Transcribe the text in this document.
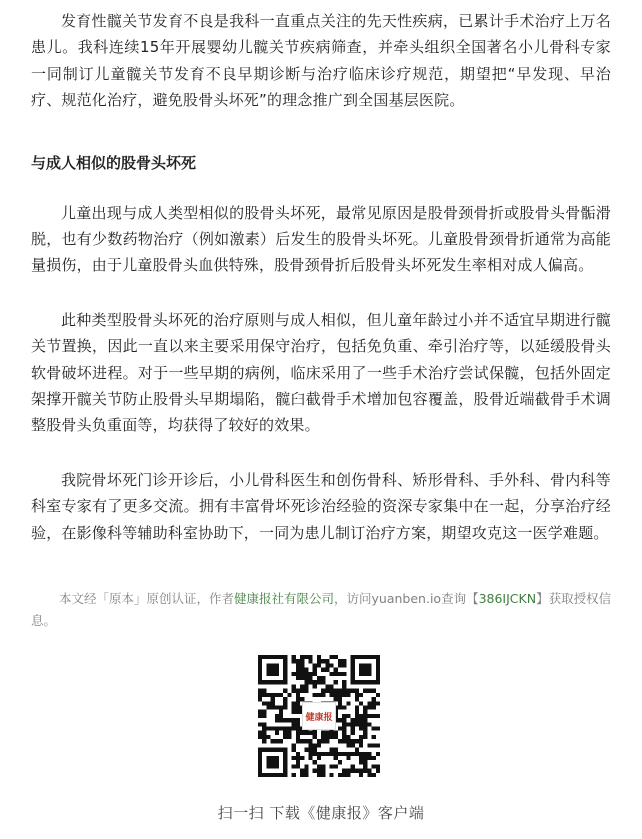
发育性髋关节发育不良是我科一直重点关注的先天性疾病，已累计手术治疗上万名患儿。我科连续15年开展婴幼儿髋关节疾病筛查，并牵头组织全国著名小儿骨科专家一同制订儿童髋关节发育不良早期诊断与治疗临床诊疗规范，期望把“早发现、早治疗、规范化治疗，避免股骨头坏死”的理念推广到全国基层医院。

与成人相似的股骨头坏死

儿童出现与成人类型相似的股骨头坏死，最常见原因是股骨颈骨折或股骨头骨骺滑脱，也有少数药物治疗（例如激素）后发生的股骨头坏死。儿童股骨颈骨折通常为高能量损伤，由于儿童股骨头血供特殊，股骨颈骨折后股骨头坏死发生率相对成人偏高。

此种类型股骨头坏死的治疗原则与成人相似，但儿童年龄过小并不适宜早期进行髋关节置换，因此一直以来主要采用保守治疗，包括免负重、牵引治疗等，以延缓股骨头软骨破坏进程。对于一些早期的病例，临床采用了一些手术治疗尝试保髋，包括外固定架撑开髋关节防止股骨头早期塌陷，髋臼截骨手术增加包容覆盖，股骨近端截骨手术调整股骨头负重面等，均获得了较好的效果。

我院骨坏死门诊开诊后，小儿骨科医生和创伤骨科、矫形骨科、手外科、骨内科等科室专家有了更多交流。拥有丰富骨坏死诊治经验的资深专家集中在一起，分享治疗经验，在影像科等辅助科室协助下，一同为患儿制订治疗方案，期望攻克这一医学难题。

本文经「原本」原创认证，作者健康报社有限公司，访问yuanben.io查询【386IJCKN】获取授权信息。
健康报
扫一扫 下载《健康报》客户端
